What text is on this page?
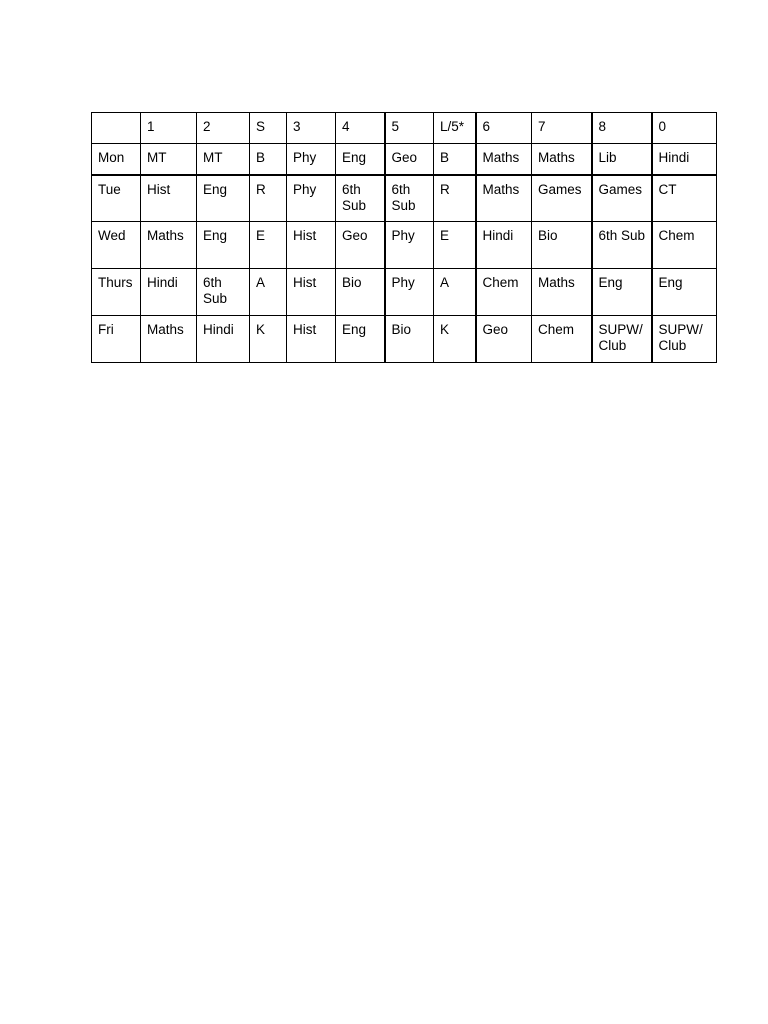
	1	2	S	3	4	5	L/5*	6	7	8	0
Mon	MT	MT	B	Phy	Eng	Geo	B	Maths	Maths	Lib	Hindi
Tue	Hist	Eng	R	Phy	6th Sub	6th Sub	R	Maths	Games	Games	CT
Wed	Maths	Eng	E	Hist	Geo	Phy	E	Hindi	Bio	6th Sub	Chem
Thurs	Hindi	6th Sub	A	Hist	Bio	Phy	A	Chem	Maths	Eng	Eng
Fri	Maths	Hindi	K	Hist	Eng	Bio	K	Geo	Chem	SUPW/ Club	SUPW/ Club
